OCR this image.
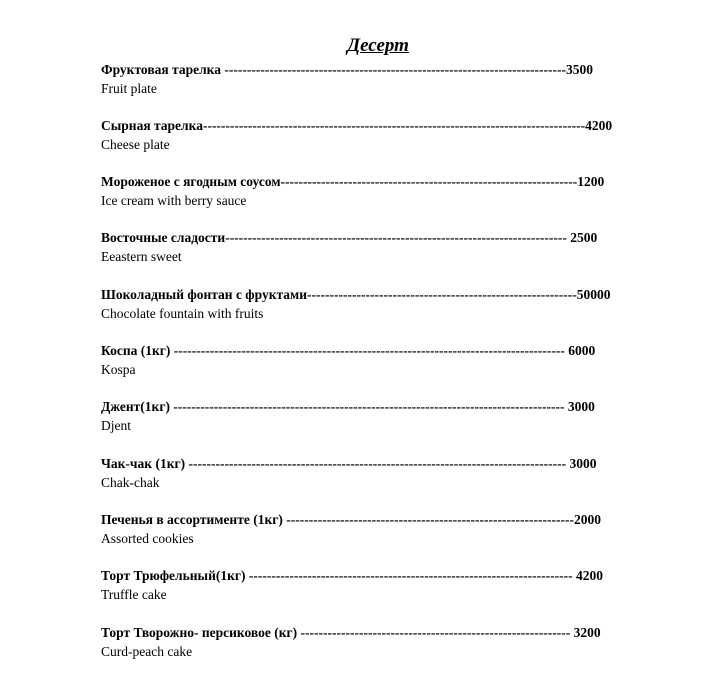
Десерт
Фруктовая тарелка ----------------------------------------------------------------------------3500
Fruit plate
Сырная тарелка-------------------------------------------------------------------------------------4200
Cheese plate
Мороженое с ягодным соусом------------------------------------------------------------------1200
Ice cream with berry sauce
Восточные сладости---------------------------------------------------------------------------- 2500
Eeastern sweet
Шоколадный фонтан с фруктами------------------------------------------------------------50000
Chocolate fountain with fruits
Коспа (1кг) --------------------------------------------------------------------------------------- 6000
Kospa
Джент(1кг) --------------------------------------------------------------------------------------- 3000
Djent
Чак-чак (1кг) ------------------------------------------------------------------------------------ 3000
Chak-chak
Печенья в ассортименте (1кг) ----------------------------------------------------------------2000
Assorted cookies
Торт Трюфельный(1кг) ------------------------------------------------------------------------ 4200
Truffle cake
Торт Творожно- персиковое (кг) ------------------------------------------------------------ 3200
Curd-peach cake
